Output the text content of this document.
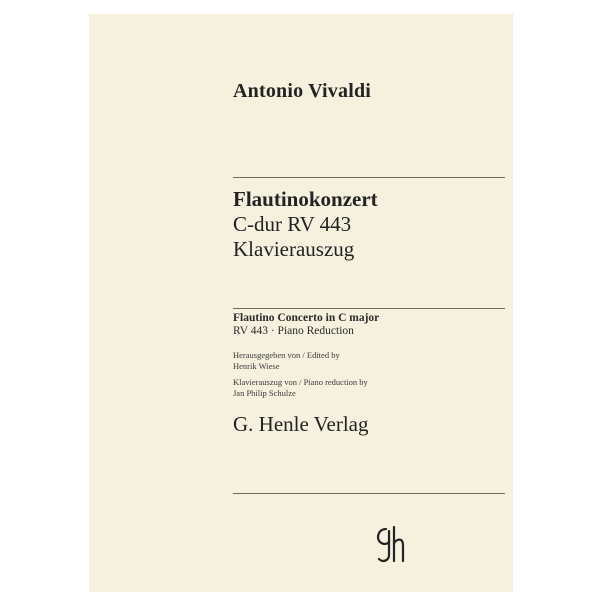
Antonio Vivaldi
Flautinokonzert
C-dur RV 443
Klavierauszug
Flautino Concerto in C major
RV 443 · Piano Reduction
Herausgegeben von / Edited by
Henrik Wiese
Klavierauszug von / Piano reduction by
Jan Philip Schulze
G. Henle Verlag
